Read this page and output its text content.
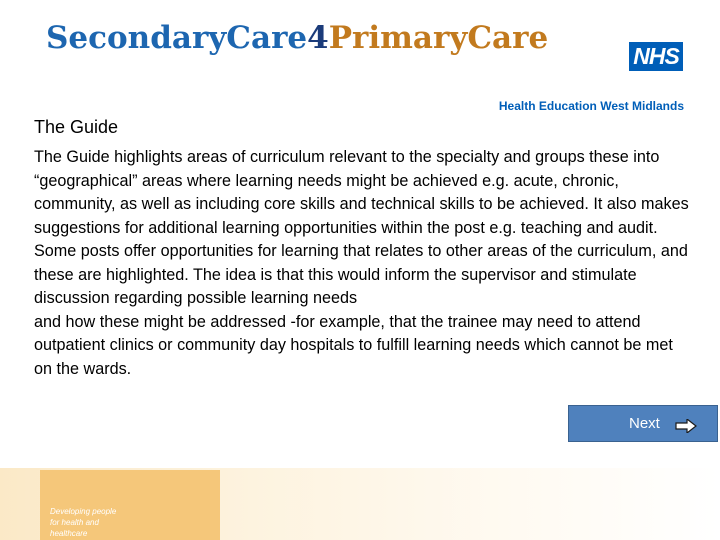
SecondaryCare4PrimaryCare	NHS
Health Education West Midlands
The Guide

The Guide highlights areas of curriculum relevant to the specialty and groups these into “geographical” areas where learning needs might be achieved e.g. acute, chronic, community, as well as including core skills and technical skills to be achieved. It also makes suggestions for additional learning opportunities within the post e.g. teaching and audit.

Some posts offer opportunities for learning that relates to other areas of the curriculum, and these are highlighted. The idea is that this would inform the supervisor and stimulate discussion regarding possible learning needs

and how these might be addressed -for example, that the trainee may need to attend outpatient clinics or community day hospitals to fulfill learning needs which cannot be met on the wards.

Next
Developing people
for health and
healthcare
